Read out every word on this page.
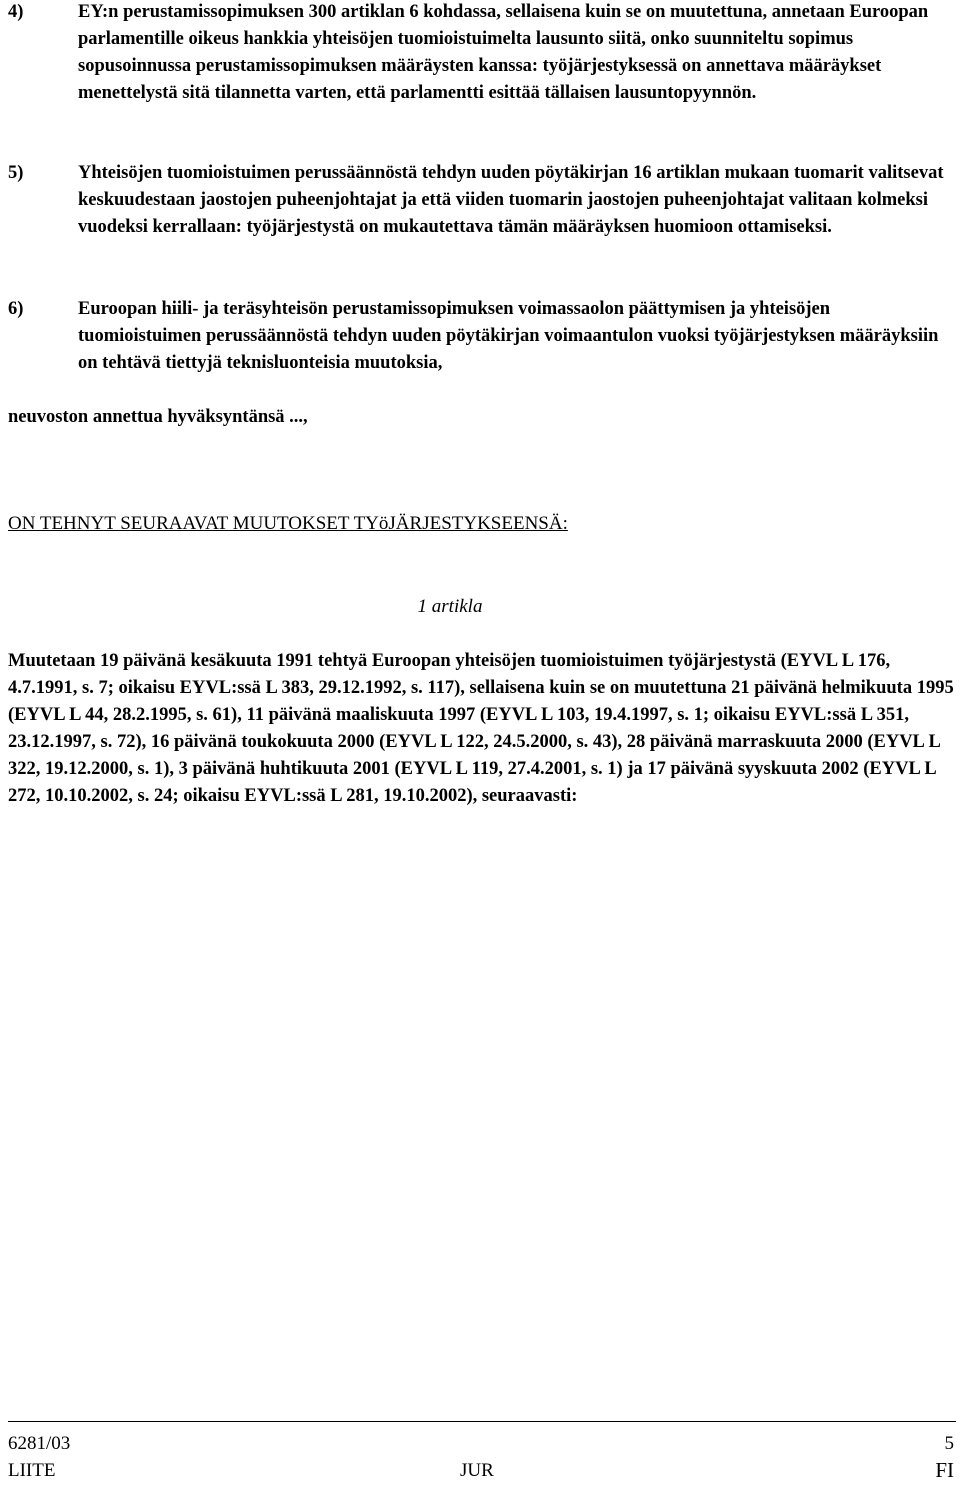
4)	EY:n perustamissopimuksen 300 artiklan 6 kohdassa, sellaisena kuin se on muutettuna, annetaan Euroopan parlamentille oikeus hankkia yhteisöjen tuomioistuimelta lausunto siitä, onko suunniteltu sopimus sopusoinnussa perustamissopimuksen määräysten kanssa: työjärjestyksessä on annettava määräykset menettelystä sitä tilannetta varten, että parlamentti esittää tällaisen lausuntopyynnön.
5)	Yhteisöjen tuomioistuimen perussäännöstä tehdyn uuden pöytäkirjan 16 artiklan mukaan tuomarit valitsevat keskuudestaan jaostojen puheenjohtajat ja että viiden tuomarin jaostojen puheenjohtajat valitaan kolmeksi vuodeksi kerrallaan: työjärjestystä on mukautettava tämän määräyksen huomioon ottamiseksi.
6)	Euroopan hiili- ja teräsyhteisön perustamissopimuksen voimassaolon päättymisen ja yhteisöjen tuomioistuimen perussäännöstä tehdyn uuden pöytäkirjan voimaantulon vuoksi työjärjestyksen määräyksiin on tehtävä tiettyjä teknisluonteisia muutoksia,
neuvoston annettua hyväksyntänsä ...,
ON TEHNYT SEURAAVAT MUUTOKSET TYöJÄRJESTYKSEENSÄ:
1 artikla
Muutetaan 19 päivänä kesäkuuta 1991 tehtyä Euroopan yhteisöjen tuomioistuimen työjärjestystä (EYVL L 176, 4.7.1991, s. 7; oikaisu EYVL:ssä L 383, 29.12.1992, s. 117), sellaisena kuin se on muutettuna 21 päivänä helmikuuta 1995 (EYVL L 44, 28.2.1995, s. 61), 11 päivänä maaliskuuta 1997 (EYVL L 103, 19.4.1997, s. 1; oikaisu EYVL:ssä L 351, 23.12.1997, s. 72), 16 päivänä toukokuuta 2000 (EYVL L 122, 24.5.2000, s. 43), 28 päivänä marraskuuta 2000 (EYVL L 322, 19.12.2000, s. 1), 3 päivänä huhtikuuta 2001 (EYVL L 119, 27.4.2001, s. 1) ja 17 päivänä syyskuuta 2002 (EYVL L 272, 10.10.2002, s. 24; oikaisu EYVL:ssä L 281, 19.10.2002), seuraavasti:
6281/03	5
LIITE	JUR	FI
